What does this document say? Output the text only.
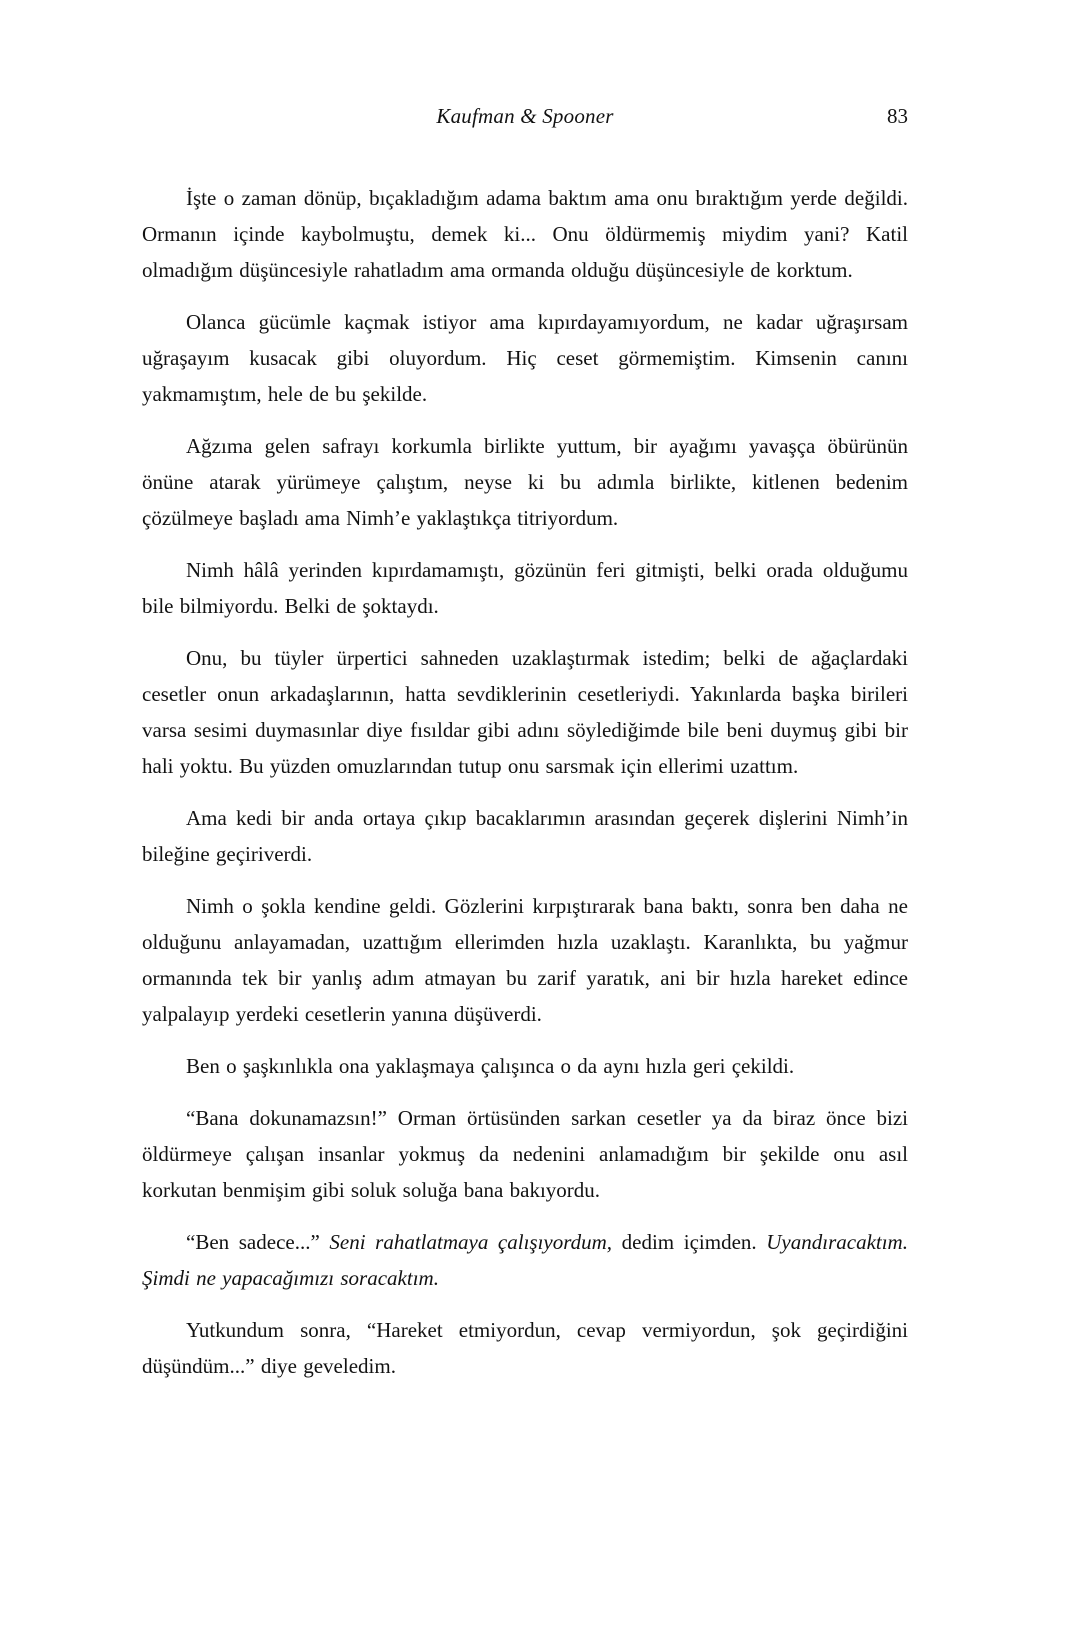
Kaufman & Spooner	83

İşte o zaman dönüp, bıçakladığım adama baktım ama onu bıraktığım yerde değildi. Ormanın içinde kaybolmuştu, demek ki... Onu öldürmemiş miydim yani? Katil olmadığım düşüncesiyle rahatladım ama ormanda olduğu düşüncesiyle de korktum.

Olanca gücümle kaçmak istiyor ama kıpırdayamıyordum, ne kadar uğraşırsam uğraşayım kusacak gibi oluyordum. Hiç ceset görmemiştim. Kimsenin canını yakmamıştım, hele de bu şekilde.

Ağzıma gelen safrayı korkumla birlikte yuttum, bir ayağımı yavaşça öbürünün önüne atarak yürümeye çalıştım, neyse ki bu adımla birlikte, kitlenen bedenim çözülmeye başladı ama Nimh’e yaklaştıkça titriyordum.

Nimh hâlâ yerinden kıpırdamamıştı, gözünün feri gitmişti, belki orada olduğumu bile bilmiyordu. Belki de şoktaydı.

Onu, bu tüyler ürpertici sahneden uzaklaştırmak istedim; belki de ağaçlardaki cesetler onun arkadaşlarının, hatta sevdiklerinin cesetleriydi. Yakınlarda başka birileri varsa sesimi duymasınlar diye fısıldar gibi adını söylediğimde bile beni duymuş gibi bir hali yoktu. Bu yüzden omuzlarından tutup onu sarsmak için ellerimi uzattım.

Ama kedi bir anda ortaya çıkıp bacaklarımın arasından geçerek dişlerini Nimh’in bileğine geçiriverdi.

Nimh o şokla kendine geldi. Gözlerini kırpıştırarak bana baktı, sonra ben daha ne olduğunu anlayamadan, uzattığım ellerimden hızla uzaklaştı. Karanlıkta, bu yağmur ormanında tek bir yanlış adım atmayan bu zarif yaratık, ani bir hızla hareket edince yalpalayıp yerdeki cesetlerin yanına düşüverdi.

Ben o şaşkınlıkla ona yaklaşmaya çalışınca o da aynı hızla geri çekildi.

“Bana dokunamazsın!” Orman örtüsünden sarkan cesetler ya da biraz önce bizi öldürmeye çalışan insanlar yokmuş da nedenini anlamadığım bir şekilde onu asıl korkutan benmişim gibi soluk soluğa bana bakıyordu.

“Ben sadece...” Seni rahatlatmaya çalışıyordum, dedim içimden. Uyandıracaktım. Şimdi ne yapacağımızı soracaktım.

Yutkundum sonra, “Hareket etmiyordun, cevap vermiyordun, şok geçirdiğini düşündüm...” diye geveledim.
